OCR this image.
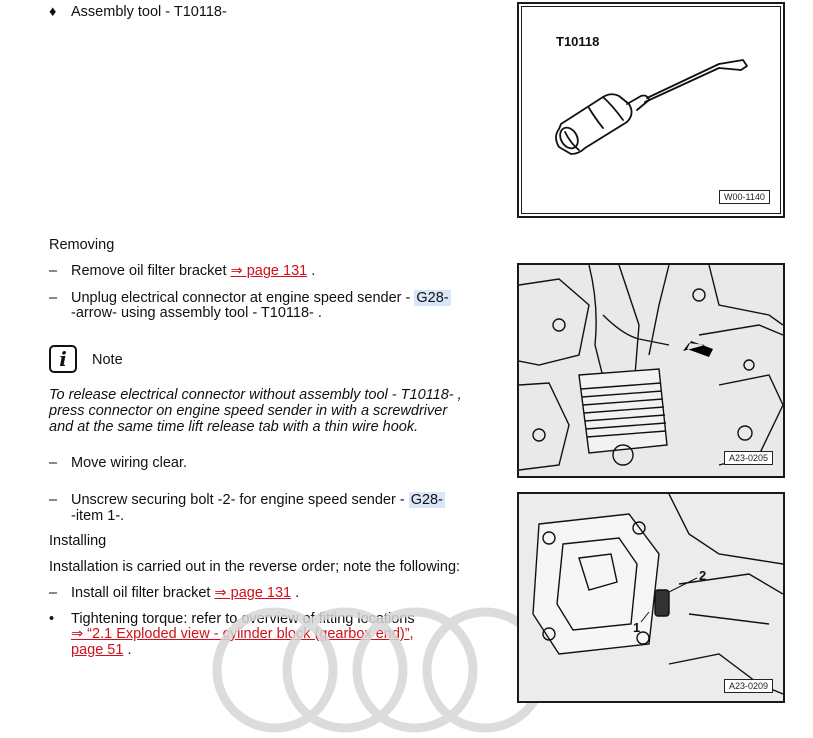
♦ Assembly tool - T10118-
T10118
W00-1140
Removing
– Remove oil filter bracket ⇒ page 131 .
– Unplug electrical connector at engine speed sender - G28-
-arrow- using assembly tool - T10118- .
A23-0205
i	Note
To release electrical connector without assembly tool - T10118- ,
press connector on engine speed sender in with a screwdriver
and at the same time lift release tab with a thin wire hook.
– Move wiring clear.
– Unscrew securing bolt -2- for engine speed sender - G28-
-item 1-.
Installing
Installation is carried out in the reverse order; note the following:
– Install oil filter bracket ⇒ page 131 .
• Tightening torque: refer to overview of fitting locations
⇒ “2.1 Exploded view - cylinder block (gearbox end)”,
page 51 .
2
1
A23-0209
